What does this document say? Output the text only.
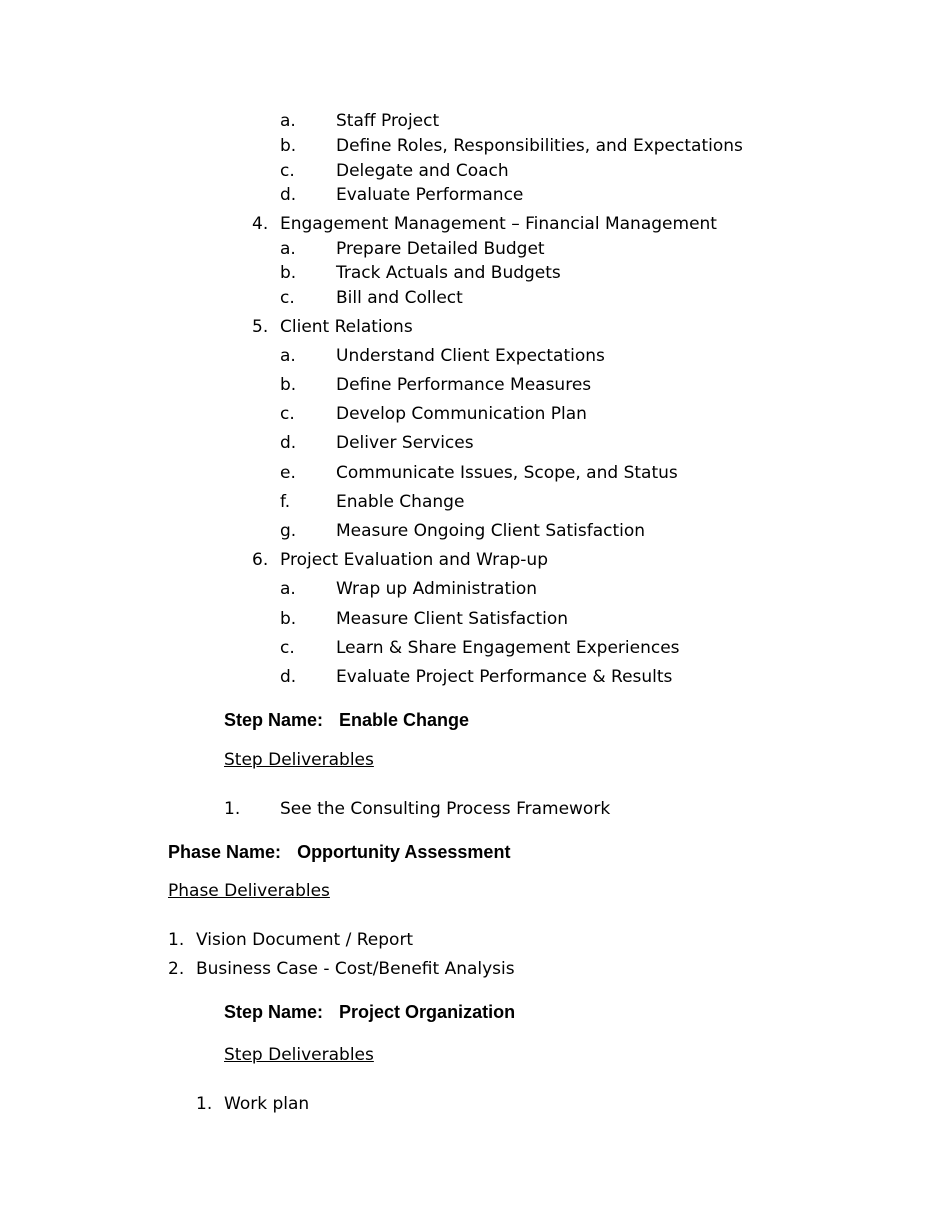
a. Staff Project
b. Define Roles, Responsibilities, and Expectations
c. Delegate and Coach
d. Evaluate Performance
4. Engagement Management – Financial Management
a. Prepare Detailed Budget
b. Track Actuals and Budgets
c. Bill and Collect
5. Client Relations
a. Understand Client Expectations
b. Define Performance Measures
c. Develop Communication Plan
d. Deliver Services
e. Communicate Issues, Scope, and Status
f.	Enable Change
g. Measure Ongoing Client Satisfaction
6. Project Evaluation and Wrap-up
a. Wrap up Administration
b. Measure Client Satisfaction
c. Learn & Share Engagement Experiences
d. Evaluate Project Performance & Results
Step Name: Enable Change
Step Deliverables
1. See the Consulting Process Framework
Phase Name: Opportunity Assessment
Phase Deliverables
1. Vision Document / Report
2. Business Case - Cost/Benefit Analysis
Step Name: Project Organization
Step Deliverables
1. Work plan
